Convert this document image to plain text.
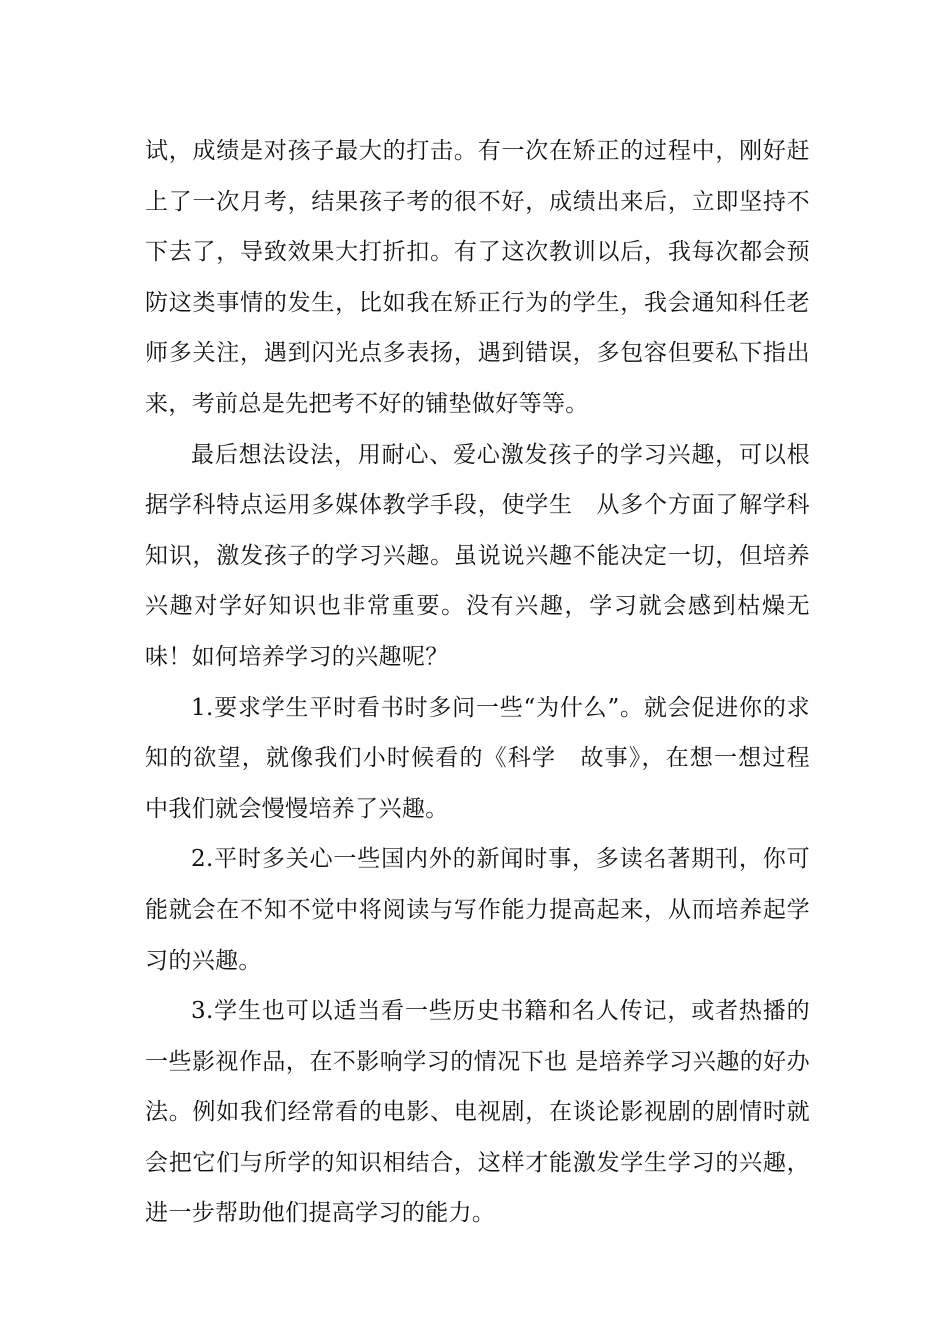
试，成绩是对孩子最大的打击。有一次在矫正的过程中，刚好赶上了一次月考，结果孩子考的很不好，成绩出来后，立即坚持不下去了，导致效果大打折扣。有了这次教训以后，我每次都会预防这类事情的发生，比如我在矫正行为的学生，我会通知科任老师多关注，遇到闪光点多表扬，遇到错误，多包容但要私下指出来，考前总是先把考不好的铺垫做好等等。

最后想法设法，用耐心、爱心激发孩子的学习兴趣，可以根据学科特点运用多媒体教学手段，使学生　从多个方面了解学科知识，激发孩子的学习兴趣。虽说说兴趣不能决定一切，但培养兴趣对学好知识也非常重要。没有兴趣，学习就会感到枯燥无味！如何培养学习的兴趣呢？

1.要求学生平时看书时多问一些“为什么”。就会促进你的求知的欲望，就像我们小时候看的《科学　故事》，在想一想过程中我们就会慢慢培养了兴趣。

2.平时多关心一些国内外的新闻时事，多读名著期刊，你可能就会在不知不觉中将阅读与写作能力提高起来，从而培养起学习的兴趣。

3.学生也可以适当看一些历史书籍和名人传记，或者热播的一些影视作品，在不影响学习的情况下也 是培养学习兴趣的好办法。例如我们经常看的电影、电视剧，在谈论影视剧的剧情时就会把它们与所学的知识相结合，这样才能激发学生学习的兴趣，进一步帮助他们提高学习的能力。
